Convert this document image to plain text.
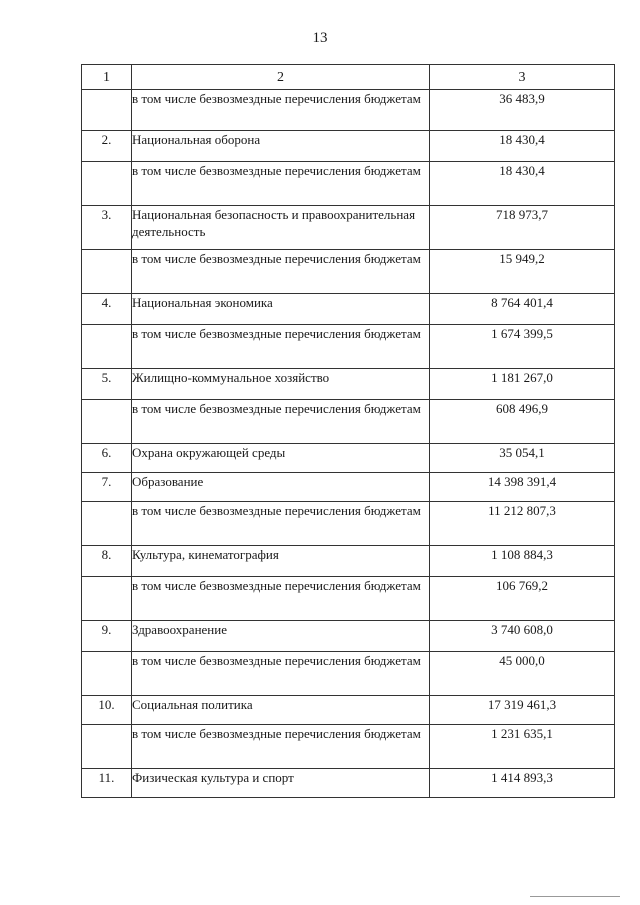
13
1	2	3
	в том числе безвозмездные перечисления бюджетам	36 483,9
2.	Национальная оборона	18 430,4
	в том числе безвозмездные перечисления бюджетам	18 430,4
3.	Национальная безопасность и правоохранительная деятельность	718 973,7
	в том числе безвозмездные перечисления бюджетам	15 949,2
4.	Национальная экономика	8 764 401,4
	в том числе безвозмездные перечисления бюджетам	1 674 399,5
5.	Жилищно-коммунальное хозяйство	1 181 267,0
	в том числе безвозмездные перечисления бюджетам	608 496,9
6.	Охрана окружающей среды	35 054,1
7.	Образование	14 398 391,4
	в том числе безвозмездные перечисления бюджетам	11 212 807,3
8.	Культура, кинематография	1 108 884,3
	в том числе безвозмездные перечисления бюджетам	106 769,2
9.	Здравоохранение	3 740 608,0
	в том числе безвозмездные перечисления бюджетам	45 000,0
10.	Социальная политика	17 319 461,3
	в том числе безвозмездные перечисления бюджетам	1 231 635,1
11.	Физическая культура и спорт	1 414 893,3
